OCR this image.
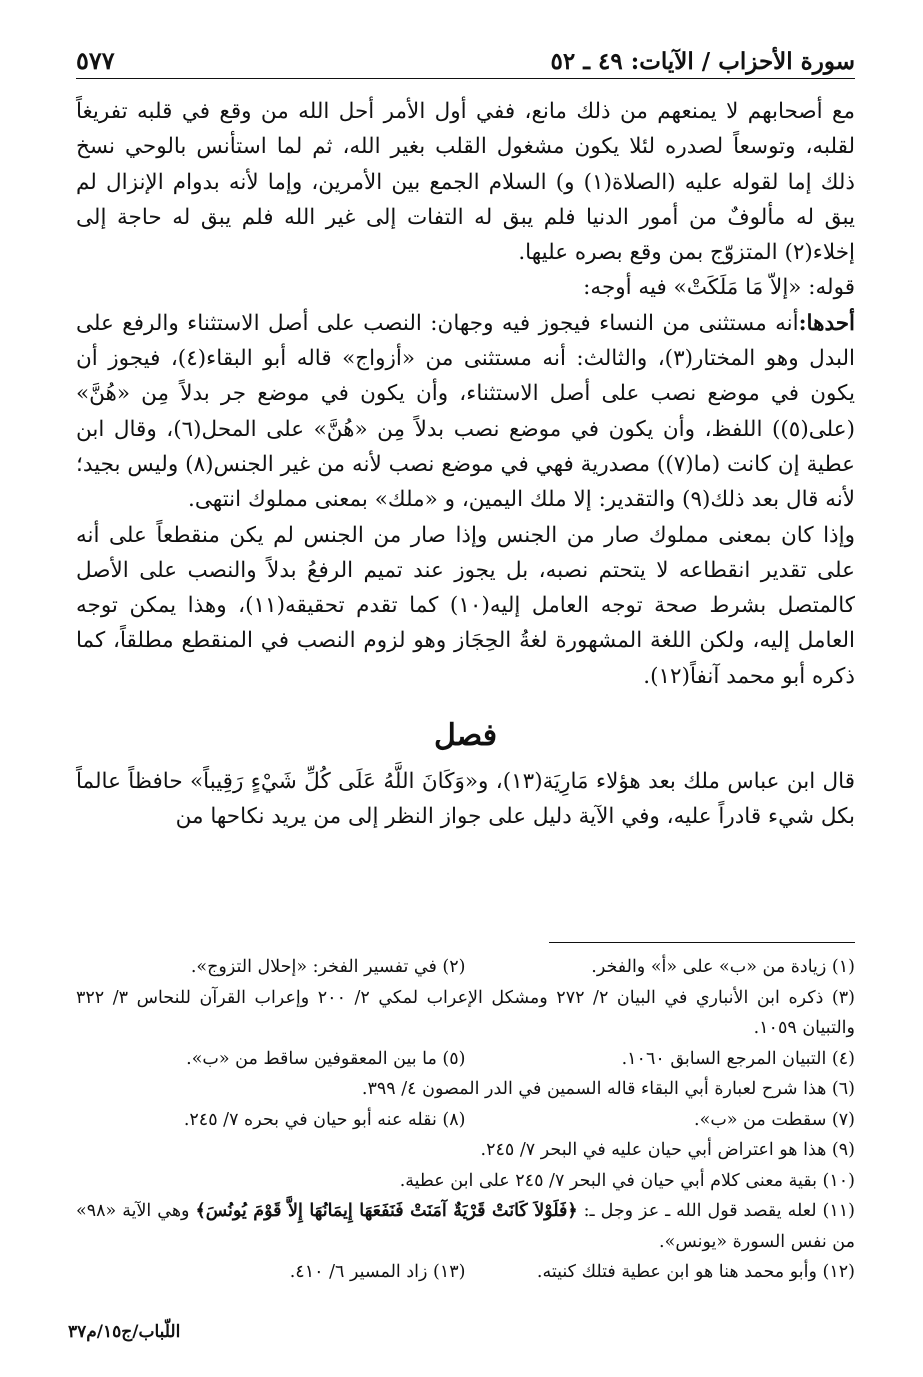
٥٧٧	سورة الأحزاب / الآيات: ٤٩ ـ ٥٢

مع أصحابهم لا يمنعهم من ذلك مانع، ففي أول الأمر أحل الله من وقع في قلبه تفريغاً لقلبه، وتوسعاً لصدره لئلا يكون مشغول القلب بغير الله، ثم لما استأنس بالوحي نسخ ذلك إما لقوله عليه (الصلاة(١) و) السلام الجمع بين الأمرين، وإما لأنه بدوام الإنزال لم يبق له مألوفٌ من أمور الدنيا فلم يبق له التفات إلى غير الله فلم يبق له حاجة إلى إخلاء(٢) المتزوّج بمن وقع بصره عليها.

قوله: «إلاّ مَا مَلَكَتْ» فيه أوجه:

أحدها:أنه مستثنى من النساء فيجوز فيه وجهان: النصب على أصل الاستثناء والرفع على البدل وهو المختار(٣)، والثالث: أنه مستثنى من «أزواج» قاله أبو البقاء(٤)، فيجوز أن يكون في موضع نصب على أصل الاستثناء، وأن يكون في موضع جر بدلاً مِن «هُنَّ» (على(٥)) اللفظ، وأن يكون في موضع نصب بدلاً مِن «هُنَّ» على المحل(٦)، وقال ابن عطية إن كانت (ما(٧)) مصدرية فهي في موضع نصب لأنه من غير الجنس(٨) وليس بجيد؛ لأنه قال بعد ذلك(٩) والتقدير: إلا ملك اليمين، و «ملك» بمعنى مملوك انتهى.

وإذا كان بمعنى مملوك صار من الجنس وإذا صار من الجنس لم يكن منقطعاً على أنه على تقدير انقطاعه لا يتحتم نصبه، بل يجوز عند تميم الرفعُ بدلاً والنصب على الأصل كالمتصل بشرط صحة توجه العامل إليه(١٠) كما تقدم تحقيقه(١١)، وهذا يمكن توجه العامل إليه، ولكن اللغة المشهورة لغةُ الحِجَاز وهو لزوم النصب في المنقطع مطلقاً، كما ذكره أبو محمد آنفاً(١٢).

فصل

قال ابن عباس ملك بعد هؤلاء مَارِيَة(١٣)، و«وَكَانَ اللَّهُ عَلَى كُلِّ شَيْءٍ رَقِيباً» حافظاً عالماً بكل شيء قادراً عليه، وفي الآية دليل على جواز النظر إلى من يريد نكاحها من

(١) زيادة من «ب» على «أ» والفخر.
(٢) في تفسير الفخر: «إحلال التزوج».
(٣) ذكره ابن الأنباري في البيان ٢/ ٢٧٢ ومشكل الإعراب لمكي ٢/ ٢٠٠ وإعراب القرآن للنحاس ٣/ ٣٢٢ والتبيان ١٠٥٩.
(٤) التبيان المرجع السابق ١٠٦٠.
(٥) ما بين المعقوفين ساقط من «ب».
(٦) هذا شرح لعبارة أبي البقاء قاله السمين في الدر المصون ٤/ ٣٩٩.
(٧) سقطت من «ب».
(٨) نقله عنه أبو حيان في بحره ٧/ ٢٤٥.
(٩) هذا هو اعتراض أبي حيان عليه في البحر ٧/ ٢٤٥.
(١٠) بقية معنى كلام أبي حيان في البحر ٧/ ٢٤٥ على ابن عطية.
(١١) لعله يقصد قول الله ـ عز وجل ـ: ﴿فَلَوْلاَ كَانَتْ قَرْيَةٌ آمَنَتْ فَنَفَعَهَا إِيمَانُهَا إِلاَّ قَوْمَ يُونُسَ﴾ وهي الآية «٩٨» من نفس السورة «يونس».
(١٢) وأبو محمد هنا هو ابن عطية فتلك كنيته.
(١٣) زاد المسير ٦/ ٤١٠.
اللّباب/ج١٥/م٣٧
